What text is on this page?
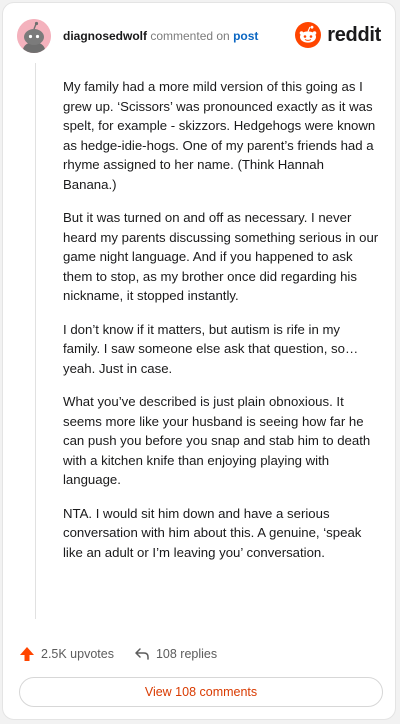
diagnosedwolf commented on post	reddit

My family had a more mild version of this going as I grew up. ‘Scissors’ was pronounced exactly as it was spelt, for example - skizzors. Hedgehogs were known as hedge-idie-hogs. One of my parent’s friends had a rhyme assigned to her name. (Think Hannah Banana.)

But it was turned on and off as necessary. I never heard my parents discussing something serious in our game night language. And if you happened to ask them to stop, as my brother once did regarding his nickname, it stopped instantly.

I don’t know if it matters, but autism is rife in my family. I saw someone else ask that question, so… yeah. Just in case.

What you’ve described is just plain obnoxious. It seems more like your husband is seeing how far he can push you before you snap and stab him to death with a kitchen knife than enjoying playing with language.

NTA. I would sit him down and have a serious conversation with him about this. A genuine, ‘speak like an adult or I’m leaving you’ conversation.

2.5K upvotes	108 replies
View 108 comments
